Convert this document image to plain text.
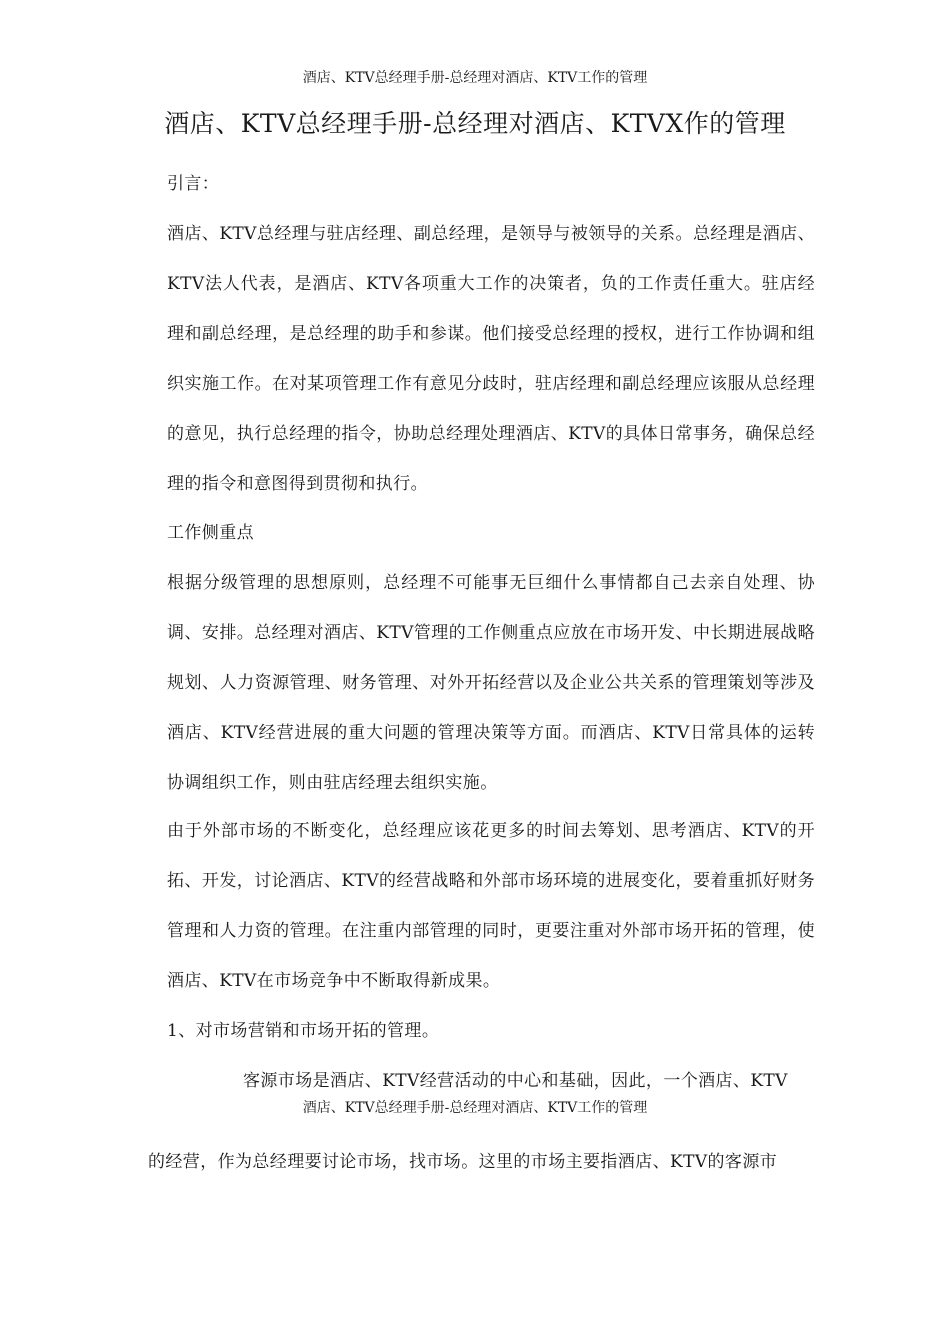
酒店、KTV总经理手册-总经理对酒店、KTV工作的管理
酒店、KTV总经理手册-总经理对酒店、KTVX作的管理
引言：

酒店、KTV总经理与驻店经理、副总经理，是领导与被领导的关系。总经理是酒店、KTV法人代表，是酒店、KTV各项重大工作的决策者，负的工作责任重大。驻店经理和副总经理，是总经理的助手和参谋。他们接受总经理的授权，进行工作协调和组织实施工作。在对某项管理工作有意见分歧时，驻店经理和副总经理应该服从总经理的意见，执行总经理的指令，协助总经理处理酒店、KTV的具体日常事务，确保总经理的指令和意图得到贯彻和执行。

工作侧重点

根据分级管理的思想原则，总经理不可能事无巨细什么事情都自己去亲自处理、协调、安排。总经理对酒店、KTV管理的工作侧重点应放在市场开发、中长期进展战略规划、人力资源管理、财务管理、对外开拓经营以及企业公共关系的管理策划等涉及酒店、KTV经营进展的重大问题的管理决策等方面。而酒店、KTV日常具体的运转协调组织工作，则由驻店经理去组织实施。

由于外部市场的不断变化，总经理应该花更多的时间去筹划、思考酒店、KTV的开拓、开发，讨论酒店、KTV的经营战略和外部市场环境的进展变化，要着重抓好财务管理和人力资的管理。在注重内部管理的同时，更要注重对外部市场开拓的管理，使酒店、KTV在市场竞争中不断取得新成果。

1、对市场营销和市场开拓的管理。
客源市场是酒店、KTV经营活动的中心和基础，因此，一个酒店、KTV
酒店、KTV总经理手册-总经理对酒店、KTV工作的管理
的经营，作为总经理要讨论市场，找市场。这里的市场主要指酒店、KTV的客源市
